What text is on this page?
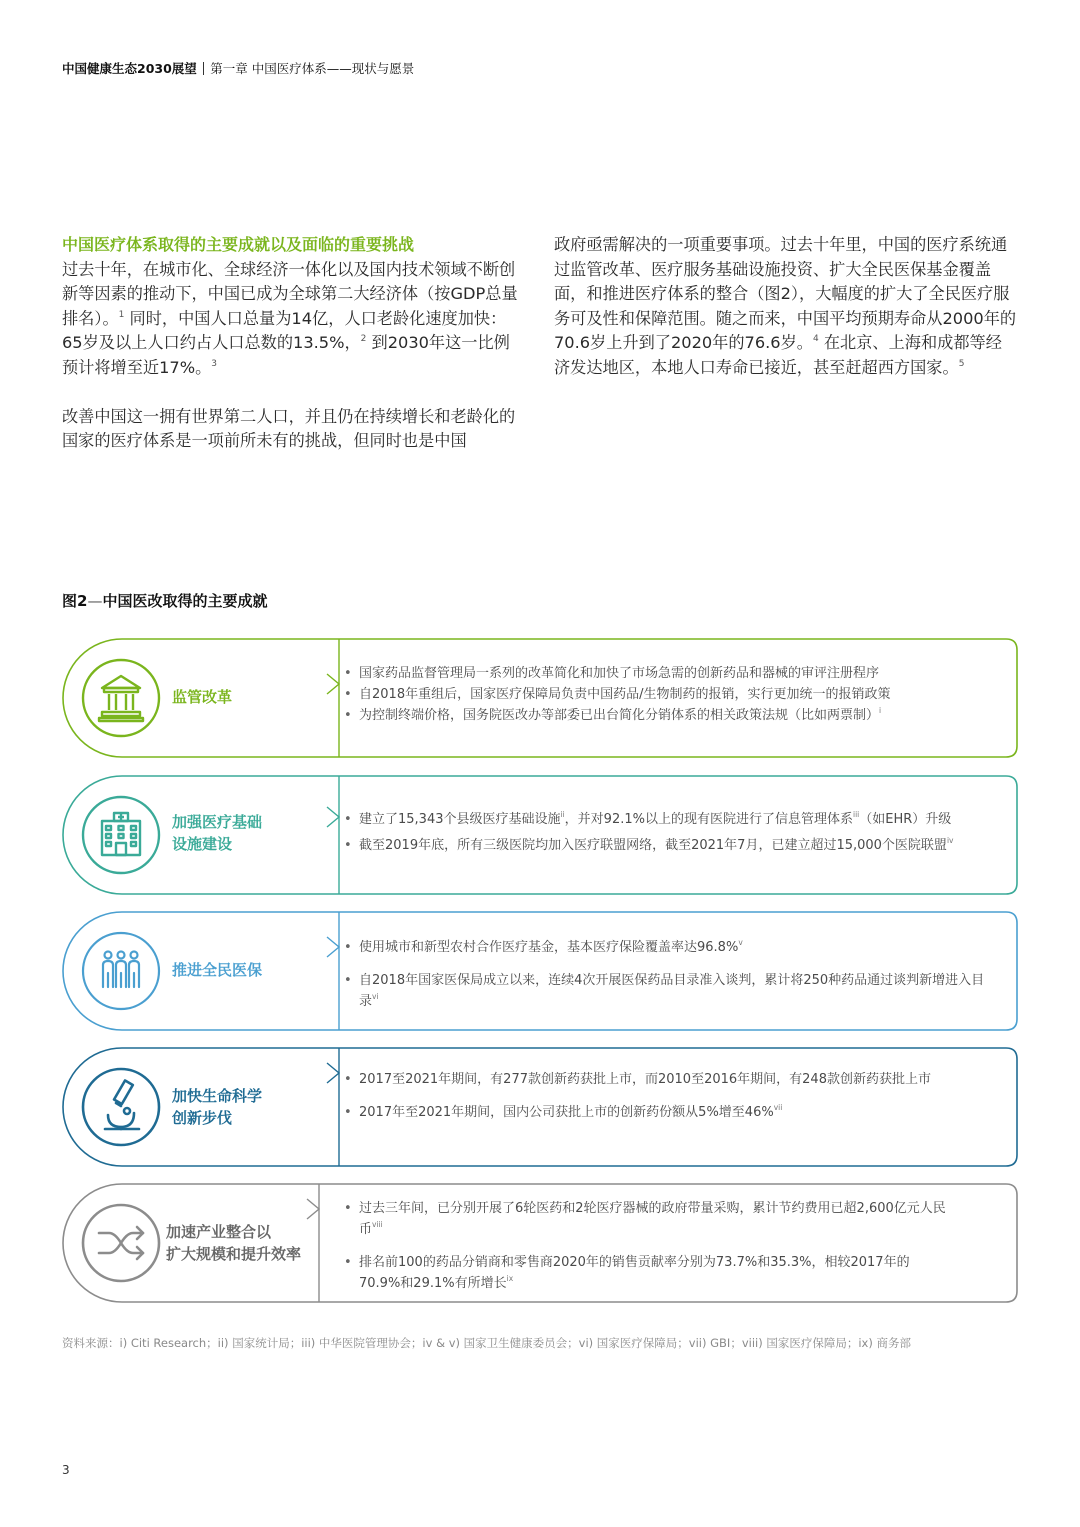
中国健康生态2030展望 第一章 中国医疗体系——现状与愿景

中国医疗体系取得的主要成就以及面临的重要挑战

过去十年，在城市化、全球经济一体化以及国内技术领域不断创新等因素的推动下，中国已成为全球第二大经济体（按GDP总量排名）。$^1$ 同时，中国人口总量为14亿，人口老龄化速度加快：65岁及以上人口约占人口总数的13.5%，$^2$ 到2030年这一比例预计将增至近17%。$^3$

改善中国这一拥有世界第二人口，并且仍在持续增长和老龄化的国家的医疗体系是一项前所未有的挑战，但同时也是中国

政府亟需解决的一项重要事项。过去十年里，中国的医疗系统通过监管改革、医疗服务基础设施投资、扩大全民医保基金覆盖面，和推进医疗体系的整合（图2），大幅度的扩大了全民医疗服务可及性和保障范围。随之而来，中国平均预期寿命从2000年的70.6岁上升到了2020年的76.6岁。$^4$ 在北京、上海和成都等经济发达地区，本地人口寿命已接近，甚至赶超西方国家。$^5$

图2—中国医改取得的主要成就
监管改革
• 国家药品监督管理局一系列的改革简化和加快了市场急需的创新药品和器械的审评注册程序
• 自2018年重组后，国家医疗保障局负责中国药品/生物制药的报销，实行更加统一的报销政策
• 为控制终端价格，国务院医改办等部委已出台简化分销体系的相关政策法规（比如两票制）$^i$
加强医疗基础
设施建设
• 建立了15,343个县级医疗基础设施$^{ii}$，并对92.1%以上的现有医院进行了信息管理体系$^{iii}$（如EHR）升级
• 截至2019年底，所有三级医院均加入医疗联盟网络，截至2021年7月，已建立超过15,000个医院联盟$^{iv}$
推进全民医保
• 使用城市和新型农村合作医疗基金，基本医疗保险覆盖率达96.8%$^v$
• 自2018年国家医保局成立以来，连续4次开展医保药品目录准入谈判，累计将250种药品通过谈判新增进入目录$^{vi}$
加快生命科学
创新步伐
• 2017至2021年期间，有277款创新药获批上市，而2010至2016年期间，有248款创新药获批上市
• 2017年至2021年期间，国内公司获批上市的创新药份额从5%增至46%$^{vii}$
加速产业整合以
扩大规模和提升效率
• 过去三年间，已分别开展了6轮医药和2轮医疗器械的政府带量采购，累计节约费用已超2,600亿元人民币$^{viii}$
• 排名前100的药品分销商和零售商2020年的销售贡献率分别为73.7%和35.3%，相较2017年的70.9%和29.1%有所增长$^{ix}$
资料来源：i) Citi Research；ii) 国家统计局；iii) 中华医院管理协会；iv & v) 国家卫生健康委员会；vi) 国家医疗保障局；vii) GBI；viii) 国家医疗保障局；ix) 商务部
3
